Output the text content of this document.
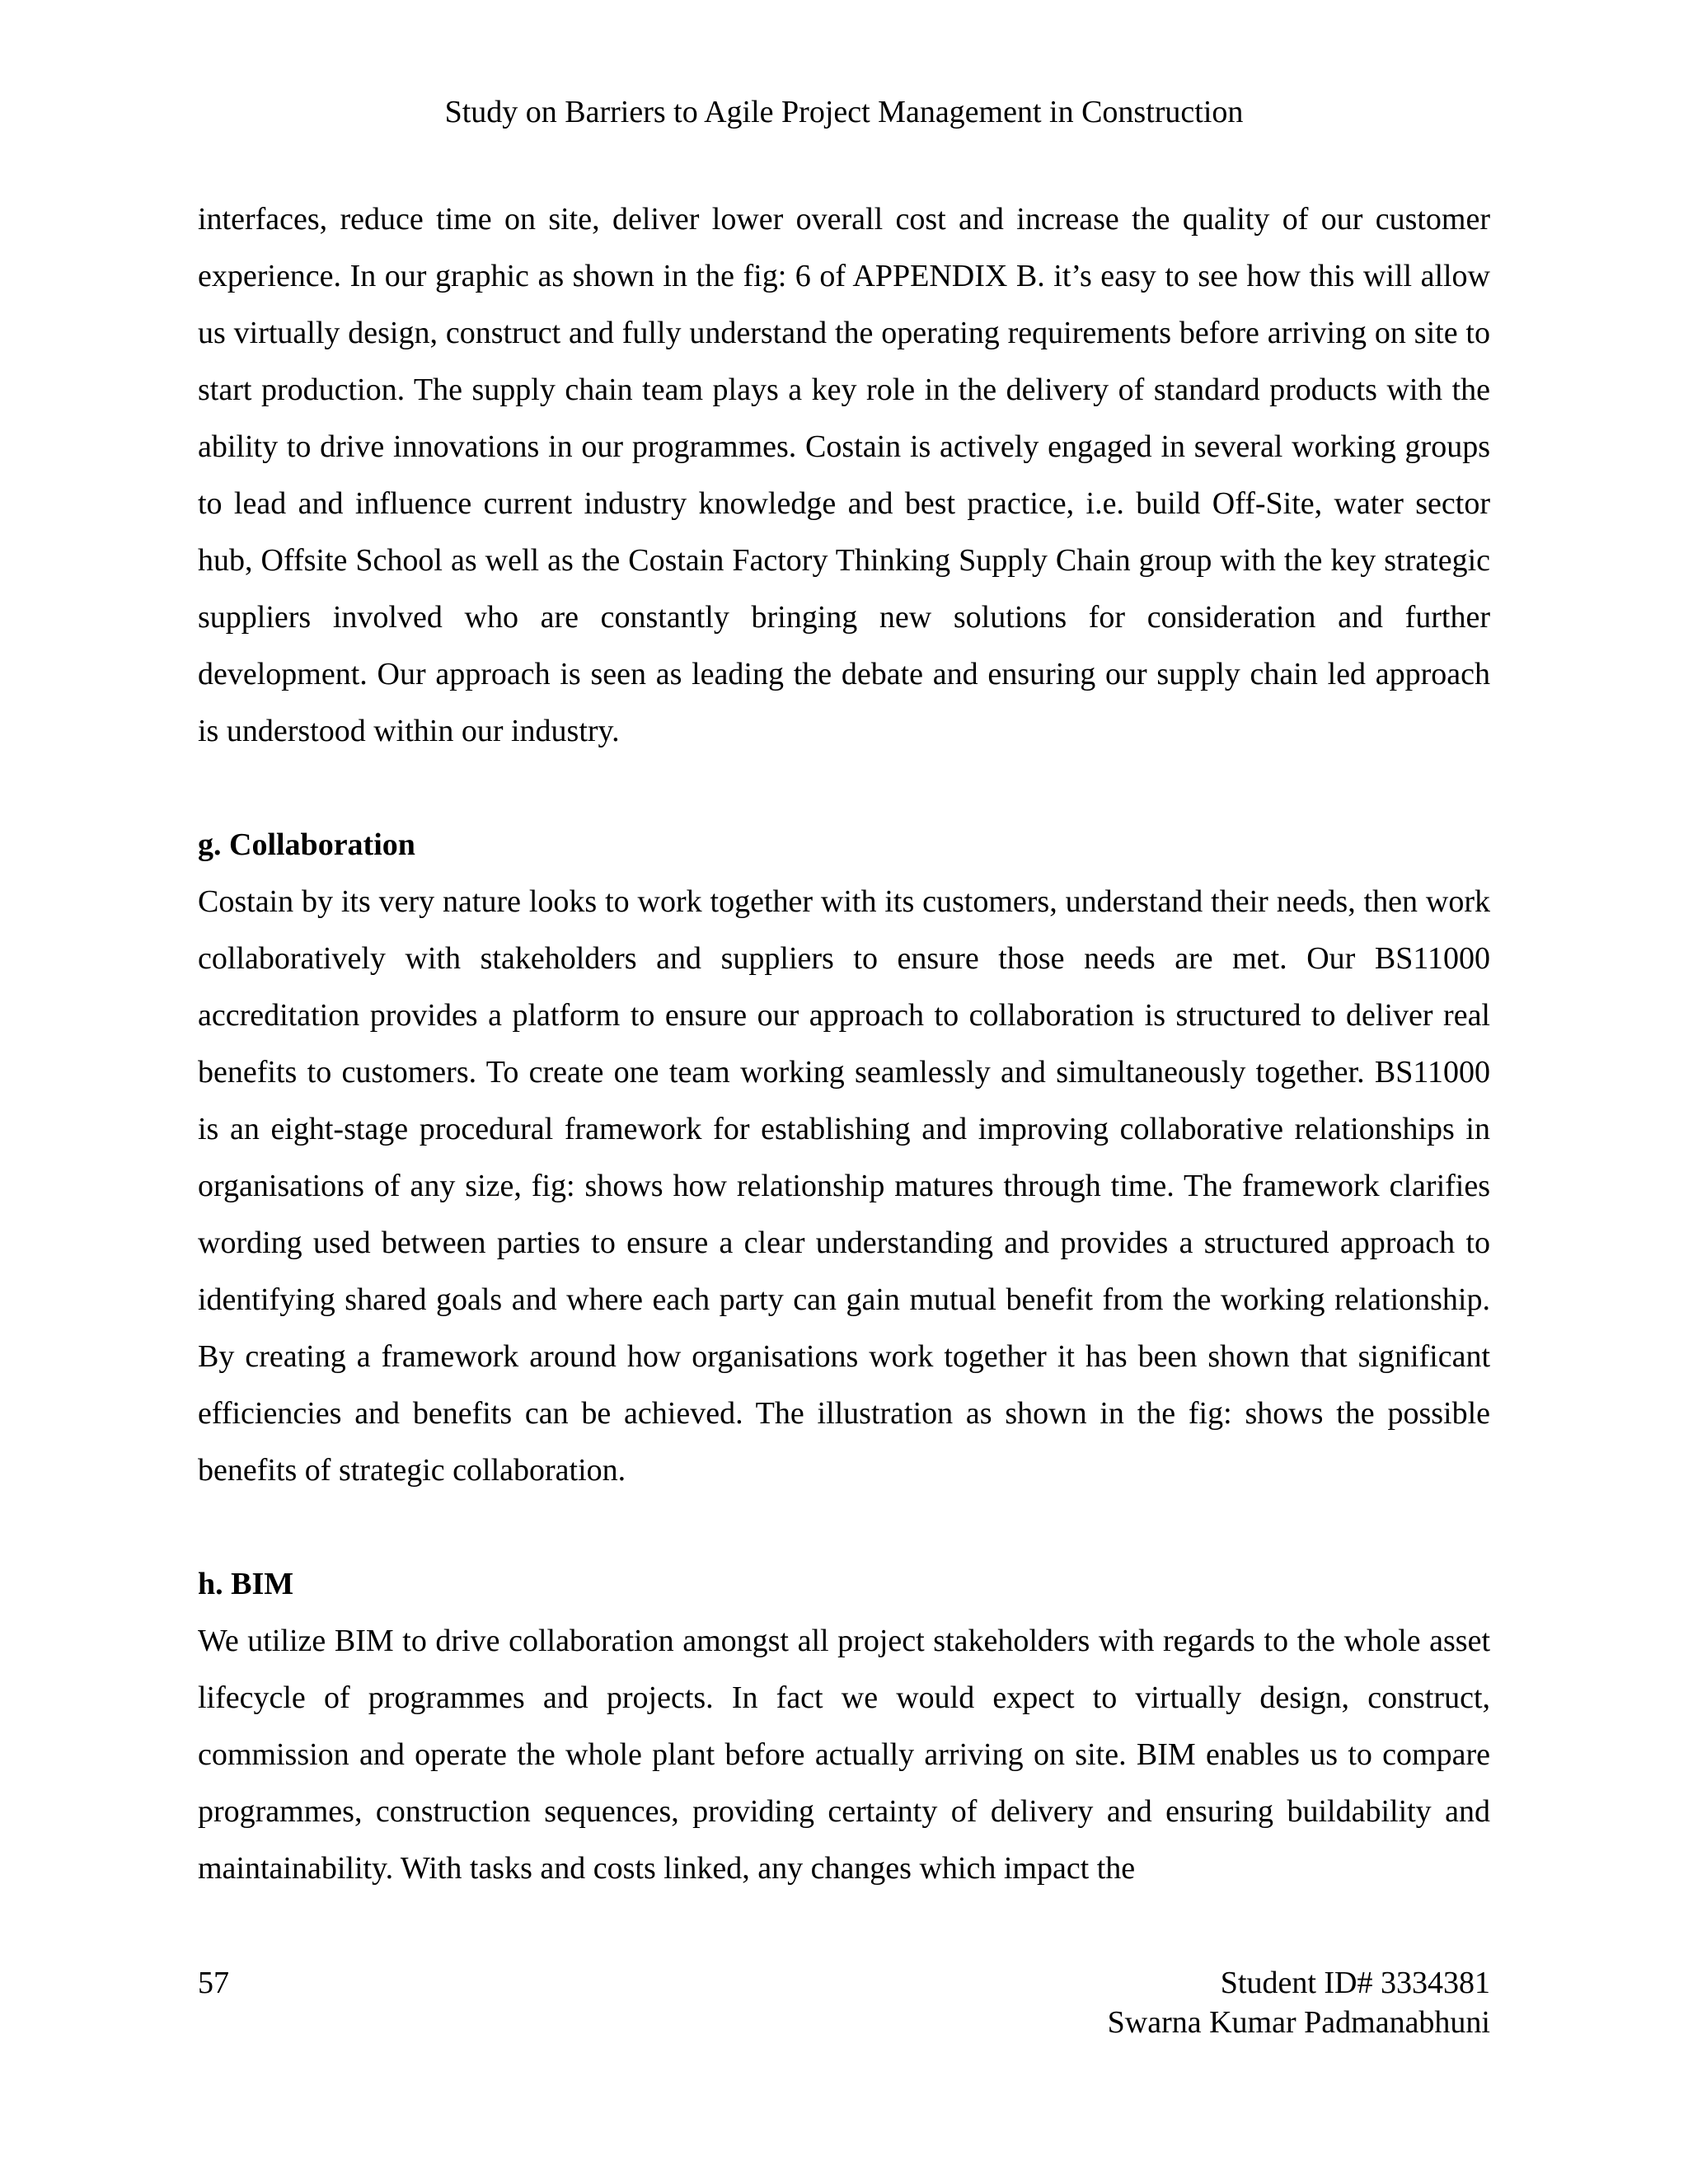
Study on Barriers to Agile Project Management in Construction

interfaces, reduce time on site, deliver lower overall cost and increase the quality of our customer experience. In our graphic as shown in the fig: 6 of APPENDIX B. it’s easy to see how this will allow us virtually design, construct and fully understand the operating requirements before arriving on site to start production. The supply chain team plays a key role in the delivery of standard products with the ability to drive innovations in our programmes. Costain is actively engaged in several working groups to lead and influence current industry knowledge and best practice, i.e. build Off-Site, water sector hub, Offsite School as well as the Costain Factory Thinking Supply Chain group with the key strategic suppliers involved who are constantly bringing new solutions for consideration and further development. Our approach is seen as leading the debate and ensuring our supply chain led approach is understood within our industry.

g. Collaboration

Costain by its very nature looks to work together with its customers, understand their needs, then work collaboratively with stakeholders and suppliers to ensure those needs are met. Our BS11000 accreditation provides a platform to ensure our approach to collaboration is structured to deliver real benefits to customers. To create one team working seamlessly and simultaneously together. BS11000 is an eight-stage procedural framework for establishing and improving collaborative relationships in organisations of any size, fig: shows how relationship matures through time. The framework clarifies wording used between parties to ensure a clear understanding and provides a structured approach to identifying shared goals and where each party can gain mutual benefit from the working relationship. By creating a framework around how organisations work together it has been shown that significant efficiencies and benefits can be achieved. The illustration as shown in the fig: shows the possible benefits of strategic collaboration.

h. BIM

We utilize BIM to drive collaboration amongst all project stakeholders with regards to the whole asset lifecycle of programmes and projects. In fact we would expect to virtually design, construct, commission and operate the whole plant before actually arriving on site. BIM enables us to compare programmes, construction sequences, providing certainty of delivery and ensuring buildability and maintainability. With tasks and costs linked, any changes which impact the

57	Student ID# 3334381
Swarna Kumar Padmanabhuni
